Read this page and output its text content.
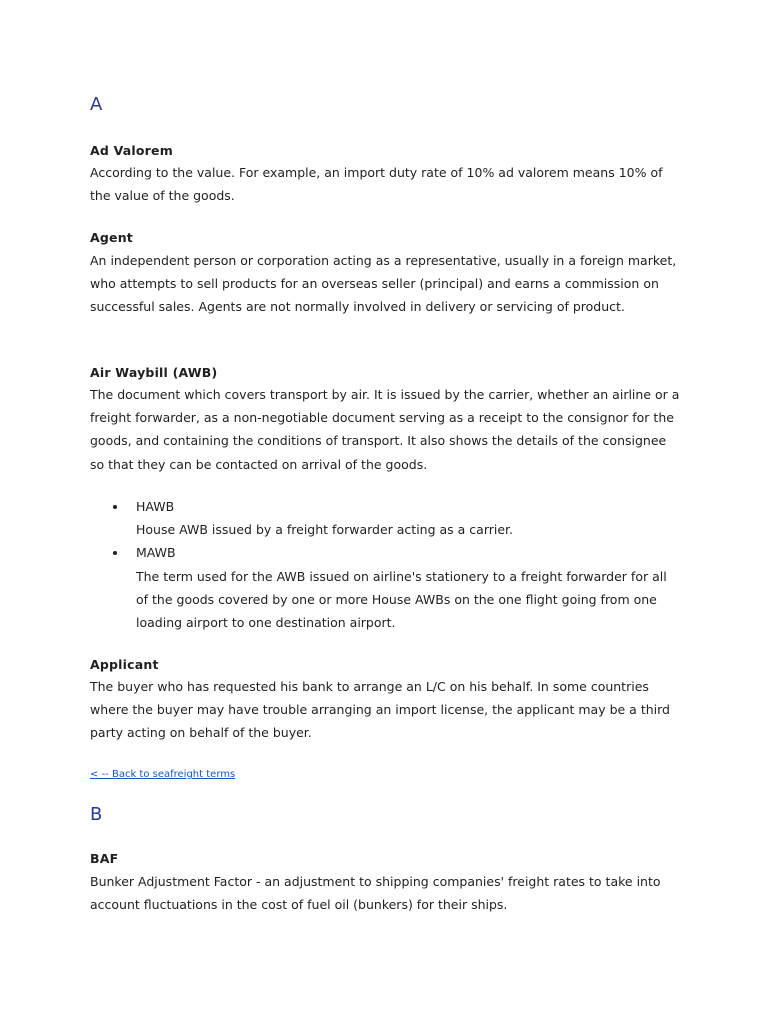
A
Ad Valorem

According to the value. For example, an import duty rate of 10% ad valorem means 10% of the value of the goods.

Agent

An independent person or corporation acting as a representative, usually in a foreign market, who attempts to sell products for an overseas seller (principal) and earns a commission on successful sales. Agents are not normally involved in delivery or servicing of product.

Air Waybill (AWB)

The document which covers transport by air. It is issued by the carrier, whether an airline or a freight forwarder, as a non-negotiable document serving as a receipt to the consignor for the goods, and containing the conditions of transport. It also shows the details of the consignee so that they can be contacted on arrival of the goods.

HAWB
House AWB issued by a freight forwarder acting as a carrier.
MAWB
The term used for the AWB issued on airline's stationery to a freight forwarder for all of the goods covered by one or more House AWBs on the one flight going from one loading airport to one destination airport.
Applicant

The buyer who has requested his bank to arrange an L/C on his behalf. In some countries where the buyer may have trouble arranging an import license, the applicant may be a third party acting on behalf of the buyer.

< -- Back to seafreight terms
B
BAF

Bunker Adjustment Factor - an adjustment to shipping companies' freight rates to take into account fluctuations in the cost of fuel oil (bunkers) for their ships.
